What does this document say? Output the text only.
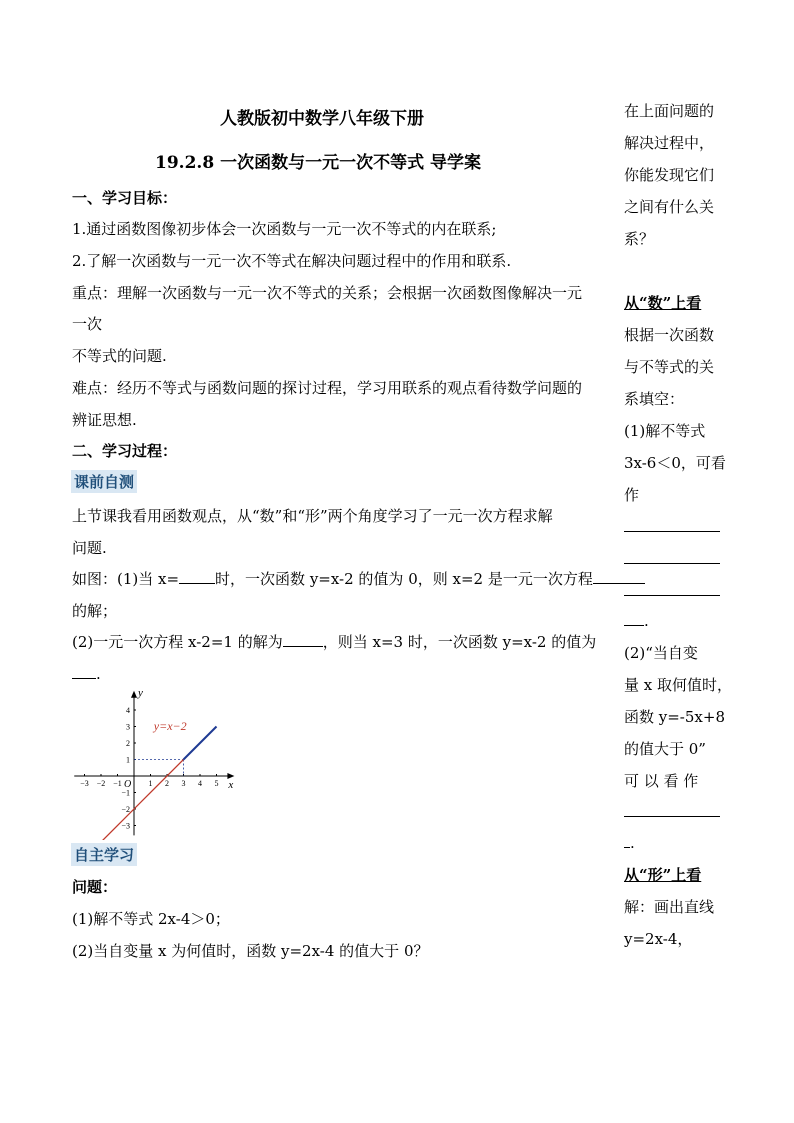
人教版初中数学八年级下册
19.2.8 一次函数与一元一次不等式 导学案
一、学习目标：
1.通过函数图像初步体会一次函数与一元一次不等式的内在联系;
2.了解一次函数与一元一次不等式在解决问题过程中的作用和联系.
重点：理解一次函数与一元一次不等式的关系；会根据一次函数图像解决一元
一次
不等式的问题.
难点：经历不等式与函数问题的探讨过程，学习用联系的观点看待数学问题的
辨证思想.
二、学习过程：
课前自测
上节课我看用函数观点，从“数”和“形”两个角度学习了一元一次方程求解
问题.
如图：(1)当 x= 时，一次函数 y=x-2 的值为 0，则 x=2 是一元一次方程
的解；
(2)一元一次方程 x-2=1 的解为	，则当 x=3 时，一次函数 y=x-2 的值为
.
x
y
O
−3 −2 −1	1 2 3 4 5
−3
−2
−1
1
2
3
4
y=x−2
自主学习
问题：
(1)解不等式 2x-4＞0；
(2)当自变量 x 为何值时，函数 y=2x-4 的值大于 0？
在上面问题的
解决过程中，
你能发现它们
之间有什么关
系？
从“数”上看
根据一次函数
与不等式的关
系填空：
(1)解不等式
3x-6＜0，可看
作
.
(2)“当自变
量 x 取何值时，
函数 y=-5x+8
的值大于 0”
可 以 看 作
.
从“形”上看
解：画出直线
y=2x-4，
